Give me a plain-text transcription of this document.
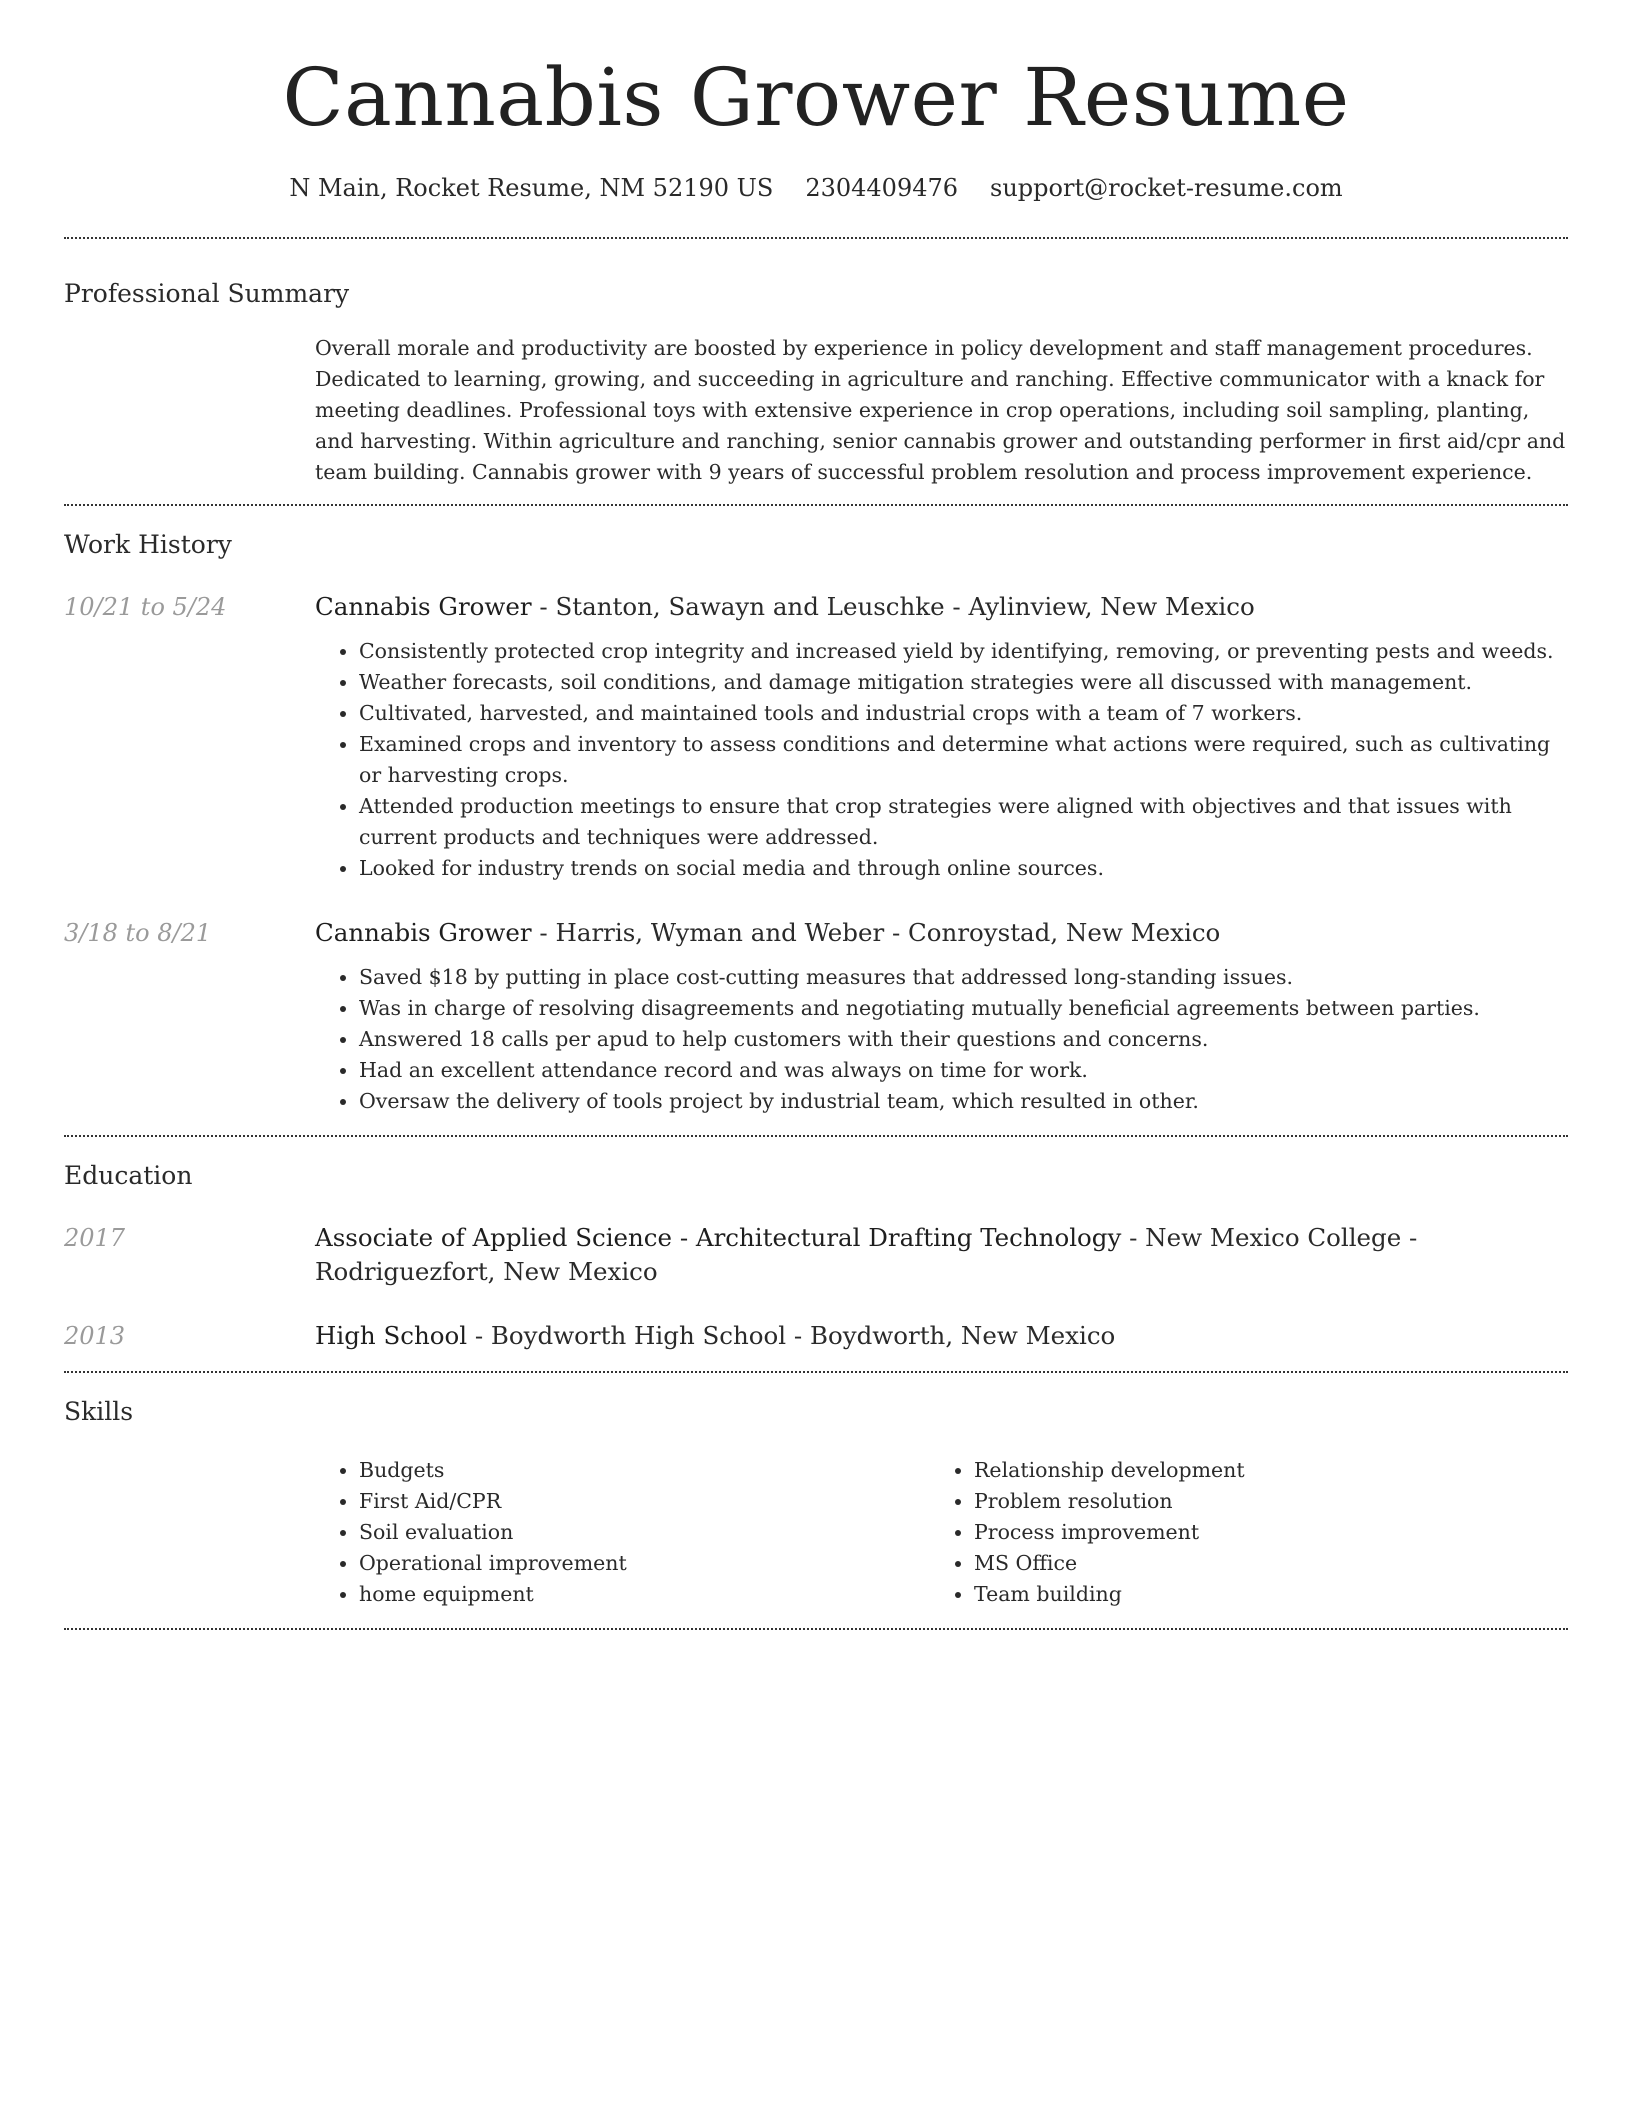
Cannabis Grower Resume
N Main, Rocket Resume, NM 52190 US 2304409476 support@rocket-resume.com
Professional Summary

Overall morale and productivity are boosted by experience in policy development and staff management procedures. Dedicated to learning, growing, and succeeding in agriculture and ranching. Effective communicator with a knack for meeting deadlines. Professional toys with extensive experience in crop operations, including soil sampling, planting, and harvesting. Within agriculture and ranching, senior cannabis grower and outstanding performer in first aid/cpr and team building. Cannabis grower with 9 years of successful problem resolution and process improvement experience.

Work History
10/21 to 5/24	Cannabis Grower - Stanton, Sawayn and Leuschke - Aylinview, New Mexico
• Consistently protected crop integrity and increased yield by identifying, removing, or preventing pests and weeds.
• Weather forecasts, soil conditions, and damage mitigation strategies were all discussed with management.
• Cultivated, harvested, and maintained tools and industrial crops with a team of 7 workers.
• Examined crops and inventory to assess conditions and determine what actions were required, such as cultivating or harvesting crops.
• Attended production meetings to ensure that crop strategies were aligned with objectives and that issues with current products and techniques were addressed.
• Looked for industry trends on social media and through online sources.
3/18 to 8/21	Cannabis Grower - Harris, Wyman and Weber - Conroystad, New Mexico
• Saved $18 by putting in place cost-cutting measures that addressed long-standing issues.
• Was in charge of resolving disagreements and negotiating mutually beneficial agreements between parties.
• Answered 18 calls per apud to help customers with their questions and concerns.
• Had an excellent attendance record and was always on time for work.
• Oversaw the delivery of tools project by industrial team, which resulted in other.
Education
2017	Associate of Applied Science - Architectural Drafting Technology - New Mexico College - Rodriguezfort, New Mexico
2013	High School - Boydworth High School - Boydworth, New Mexico
Skills
• Budgets
• First Aid/CPR
• Soil evaluation
• Operational improvement
• home equipment
• Relationship development
• Problem resolution
• Process improvement
• MS Office
• Team building
